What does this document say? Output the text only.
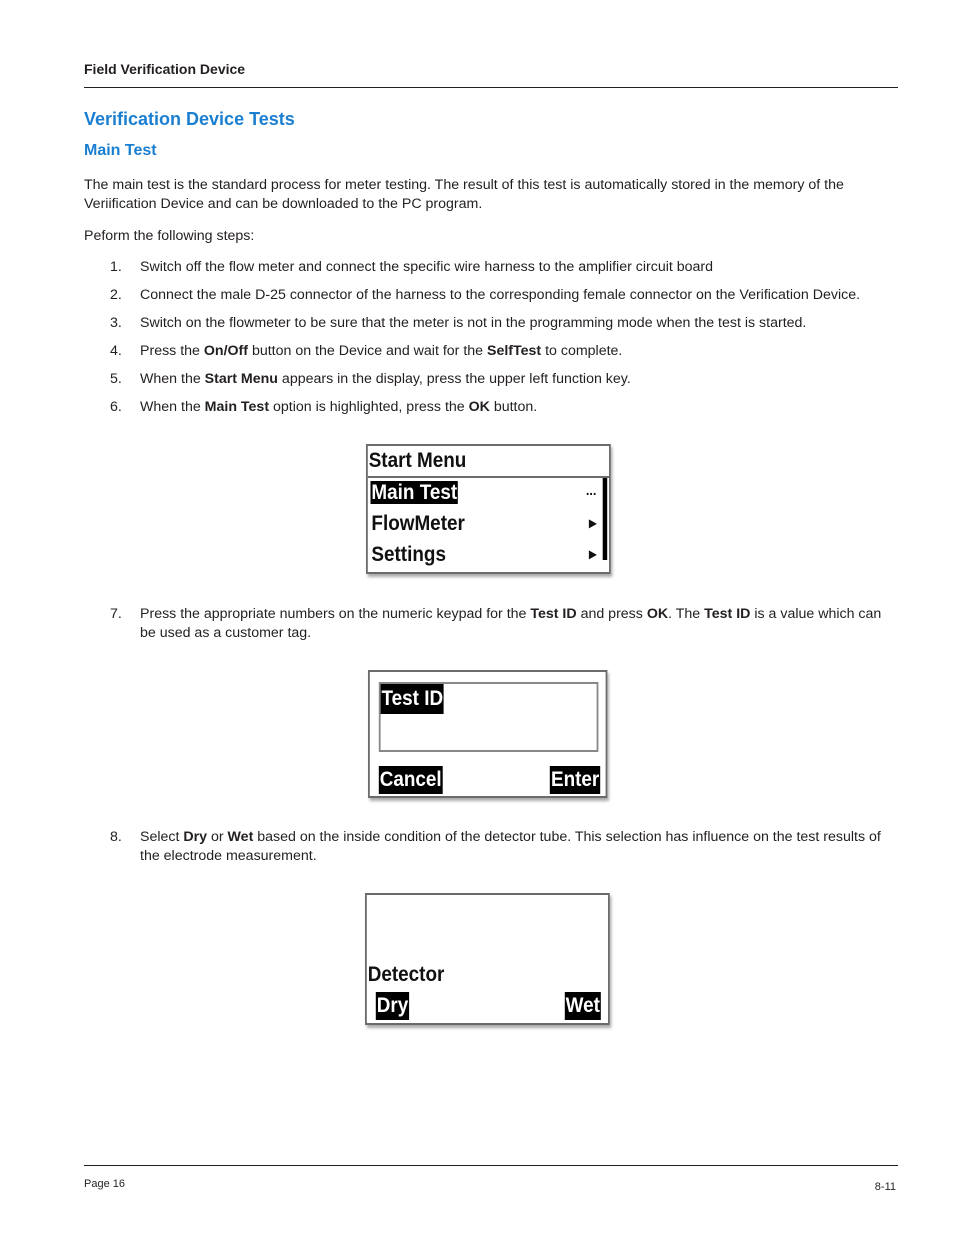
Field Verification Device
Verification Device Tests
Main Test
The main test is the standard process for meter testing. The result of this test is automatically stored in the memory of the Veriification Device and can be downloaded to the PC program.
Peform the following steps:
1.	Switch off the flow meter and connect the specific wire harness to the amplifier circuit board
2.	Connect the male D-25 connector of the harness to the corresponding female connector on the Verification Device.
3.	Switch on the flowmeter to be sure that the meter is not in the programming mode when the test is started.
4.	Press the On/Off button on the Device and wait for the SelfTest to complete.
5.	When the Start Menu appears in the display, press the upper left function key.
6.	When the Main Test option is highlighted, press the OK button.
7.	Press the appropriate numbers on the numeric keypad for the Test ID and press OK. The Test ID is a value which can be used as a customer tag.
8.	Select Dry or Wet based on the inside condition of the detector tube. This selection has influence on the test results of the electrode measurement.
Start Menu
Main Test	...
FlowMeter	▸
Settings	▸
Test ID
Cancel	Enter
Detector
Dry	Wet
Page 16	8-11
